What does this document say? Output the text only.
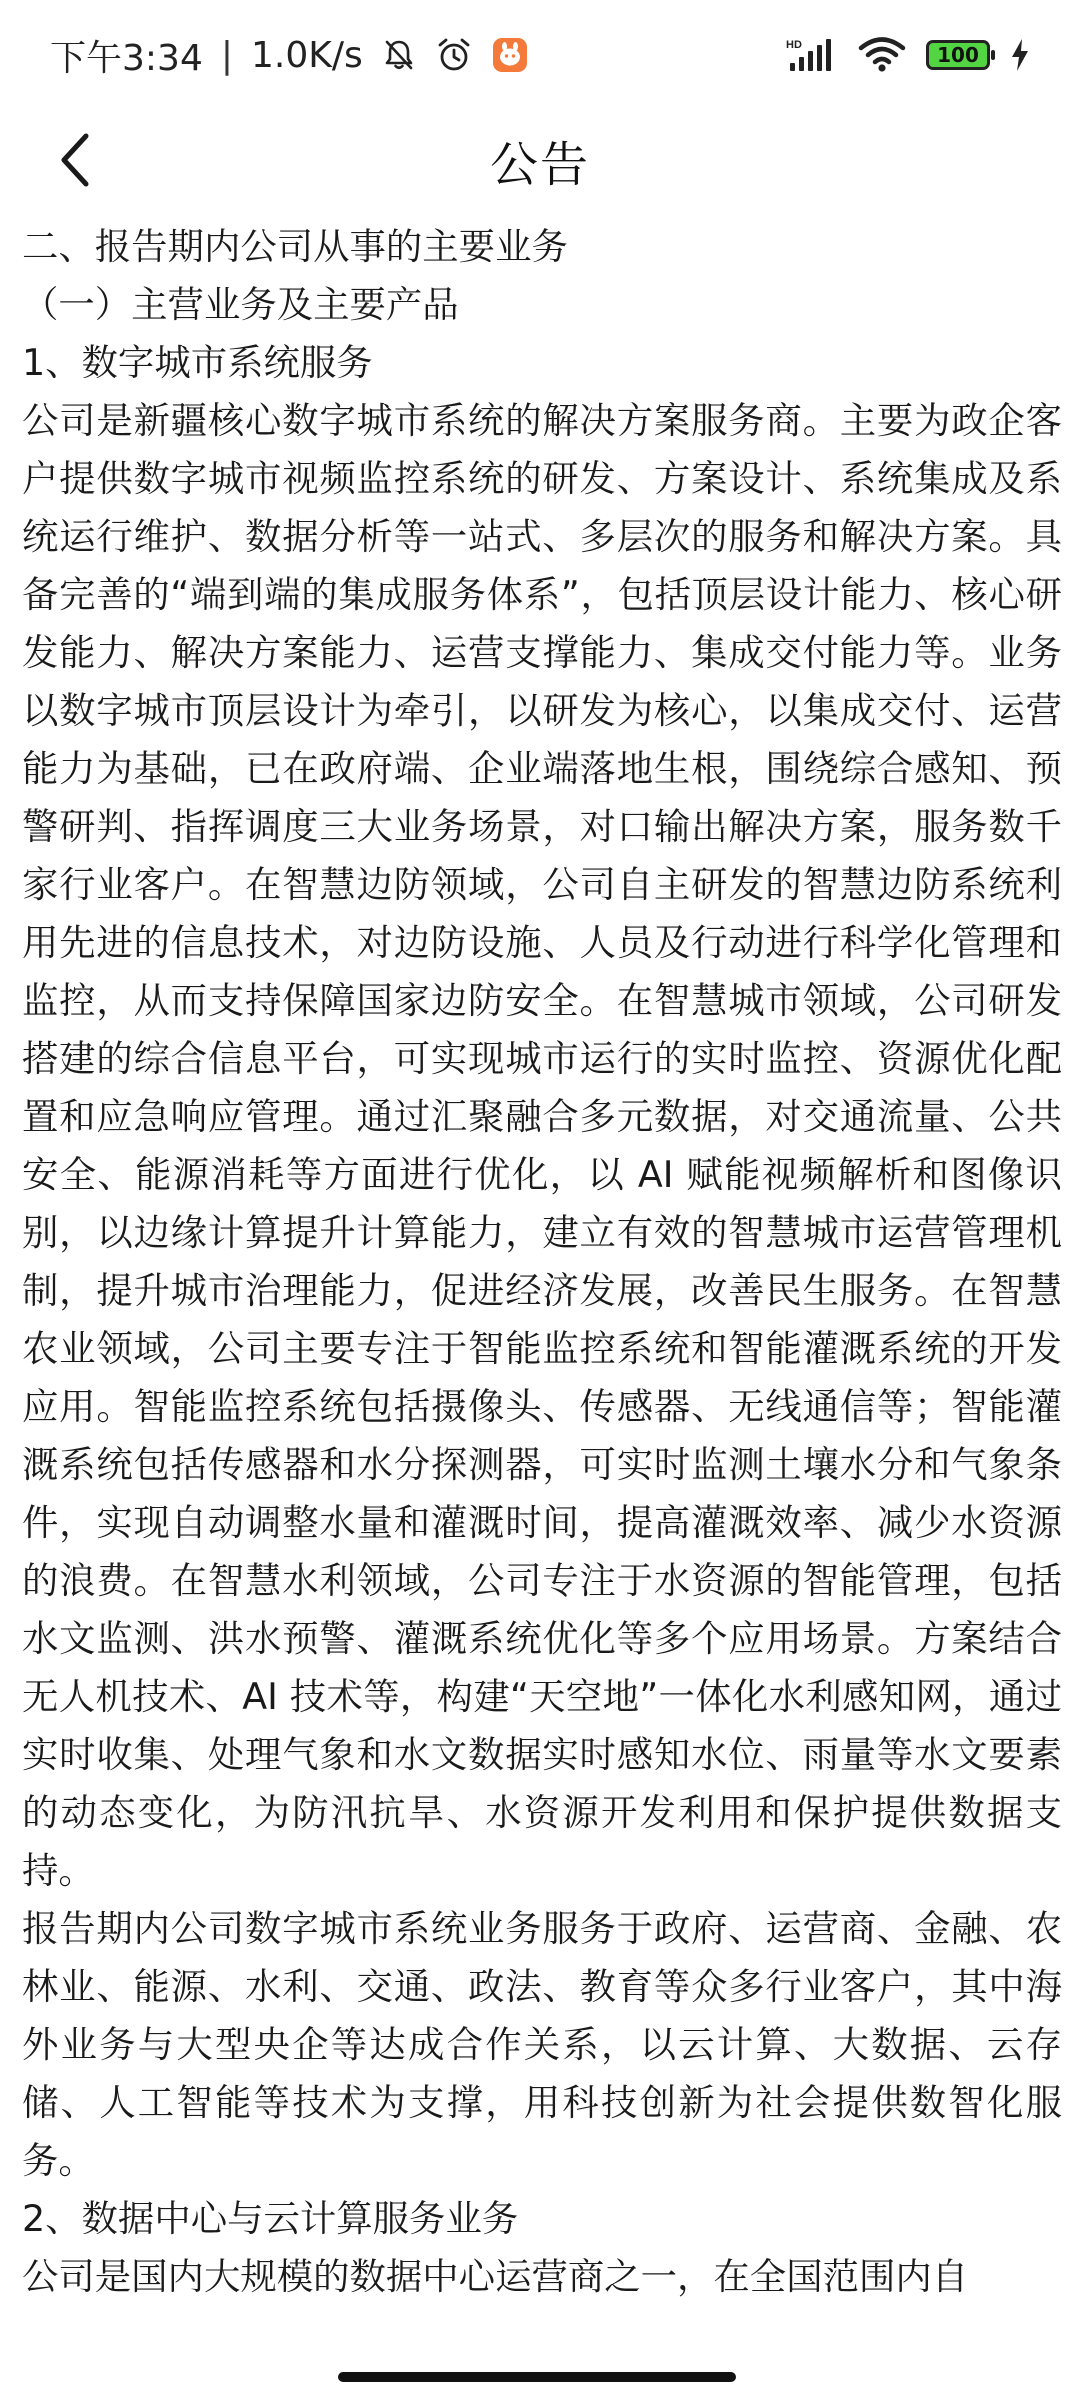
下午3:34 | 1.0K/s	HD	100
公告

二、报告期内公司从事的主要业务

（一）主营业务及主要产品

1、数字城市系统服务

公司是新疆核心数字城市系统的解决方案服务商。主要为政企客户提供数字城市视频监控系统的研发、方案设计、系统集成及系统运行维护、数据分析等一站式、多层次的服务和解决方案。具备完善的“端到端的集成服务体系”，包括顶层设计能力、核心研发能力、解决方案能力、运营支撑能力、集成交付能力等。业务以数字城市顶层设计为牵引，以研发为核心，以集成交付、运营能力为基础，已在政府端、企业端落地生根，围绕综合感知、预警研判、指挥调度三大业务场景，对口输出解决方案，服务数千家行业客户。在智慧边防领域，公司自主研发的智慧边防系统利用先进的信息技术，对边防设施、人员及行动进行科学化管理和监控，从而支持保障国家边防安全。在智慧城市领域，公司研发搭建的综合信息平台，可实现城市运行的实时监控、资源优化配置和应急响应管理。通过汇聚融合多元数据，对交通流量、公共安全、能源消耗等方面进行优化，以 AI 赋能视频解析和图像识别，以边缘计算提升计算能力，建立有效的智慧城市运营管理机制，提升城市治理能力，促进经济发展，改善民生服务。在智慧农业领域，公司主要专注于智能监控系统和智能灌溉系统的开发应用。智能监控系统包括摄像头、传感器、无线通信等；智能灌溉系统包括传感器和水分探测器，可实时监测土壤水分和气象条件，实现自动调整水量和灌溉时间，提高灌溉效率、减少水资源的浪费。在智慧水利领域，公司专注于水资源的智能管理，包括水文监测、洪水预警、灌溉系统优化等多个应用场景。方案结合无人机技术、AI 技术等，构建“天空地”一体化水利感知网，通过实时收集、处理气象和水文数据实时感知水位、雨量等水文要素的动态变化，为防汛抗旱、水资源开发利用和保护提供数据支持。

报告期内公司数字城市系统业务服务于政府、运营商、金融、农林业、能源、水利、交通、政法、教育等众多行业客户，其中海外业务与大型央企等达成合作关系，以云计算、大数据、云存储、人工智能等技术为支撑，用科技创新为社会提供数智化服务。

2、数据中心与云计算服务业务

公司是国内大规模的数据中心运营商之一，在全国范围内自
